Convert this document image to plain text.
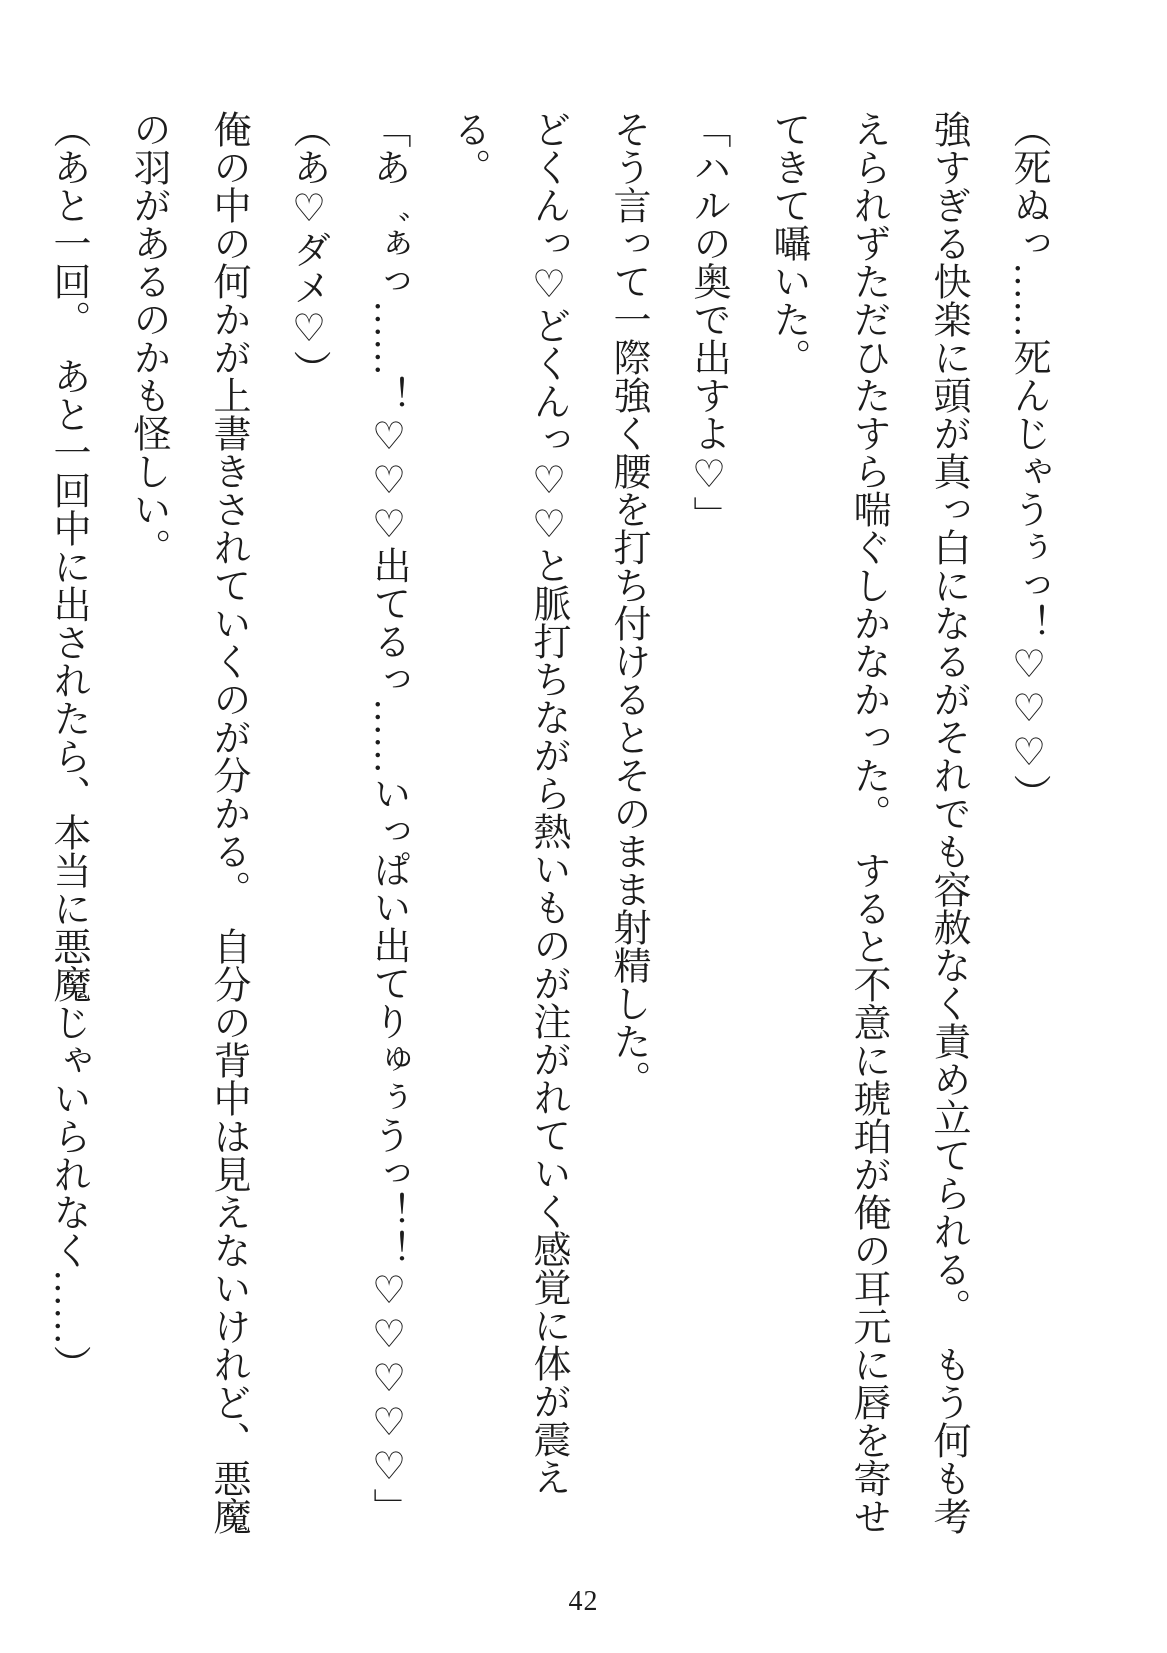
（死ぬっ……死んじゃうぅっ！♡♡♡）

強すぎる快楽に頭が真っ白になるがそれでも容赦なく責め立てられる。　もう何も考

えられずただひたすら喘ぐしかなかった。　すると不意に琥珀が俺の耳元に唇を寄せ

てきて囁いた。

「ハルの奥で出すよ♡」

そう言って一際強く腰を打ち付けるとそのまま射精した。

どくんっ♡どくんっ♡♡と脈打ちながら熱いものが注がれていく感覚に体が震える。

「あ゛ぁっ……！♡♡♡出てるっ……いっぱい出てりゅぅうっ！！♡♡♡♡♡」

（あ♡ダメ♡）

俺の中の何かが上書きされていくのが分かる。　自分の背中は見えないけれど、悪魔

の羽があるのかも怪しい。

（あと一回。　あと一回中に出されたら、本当に悪魔じゃいられなく……）

42
